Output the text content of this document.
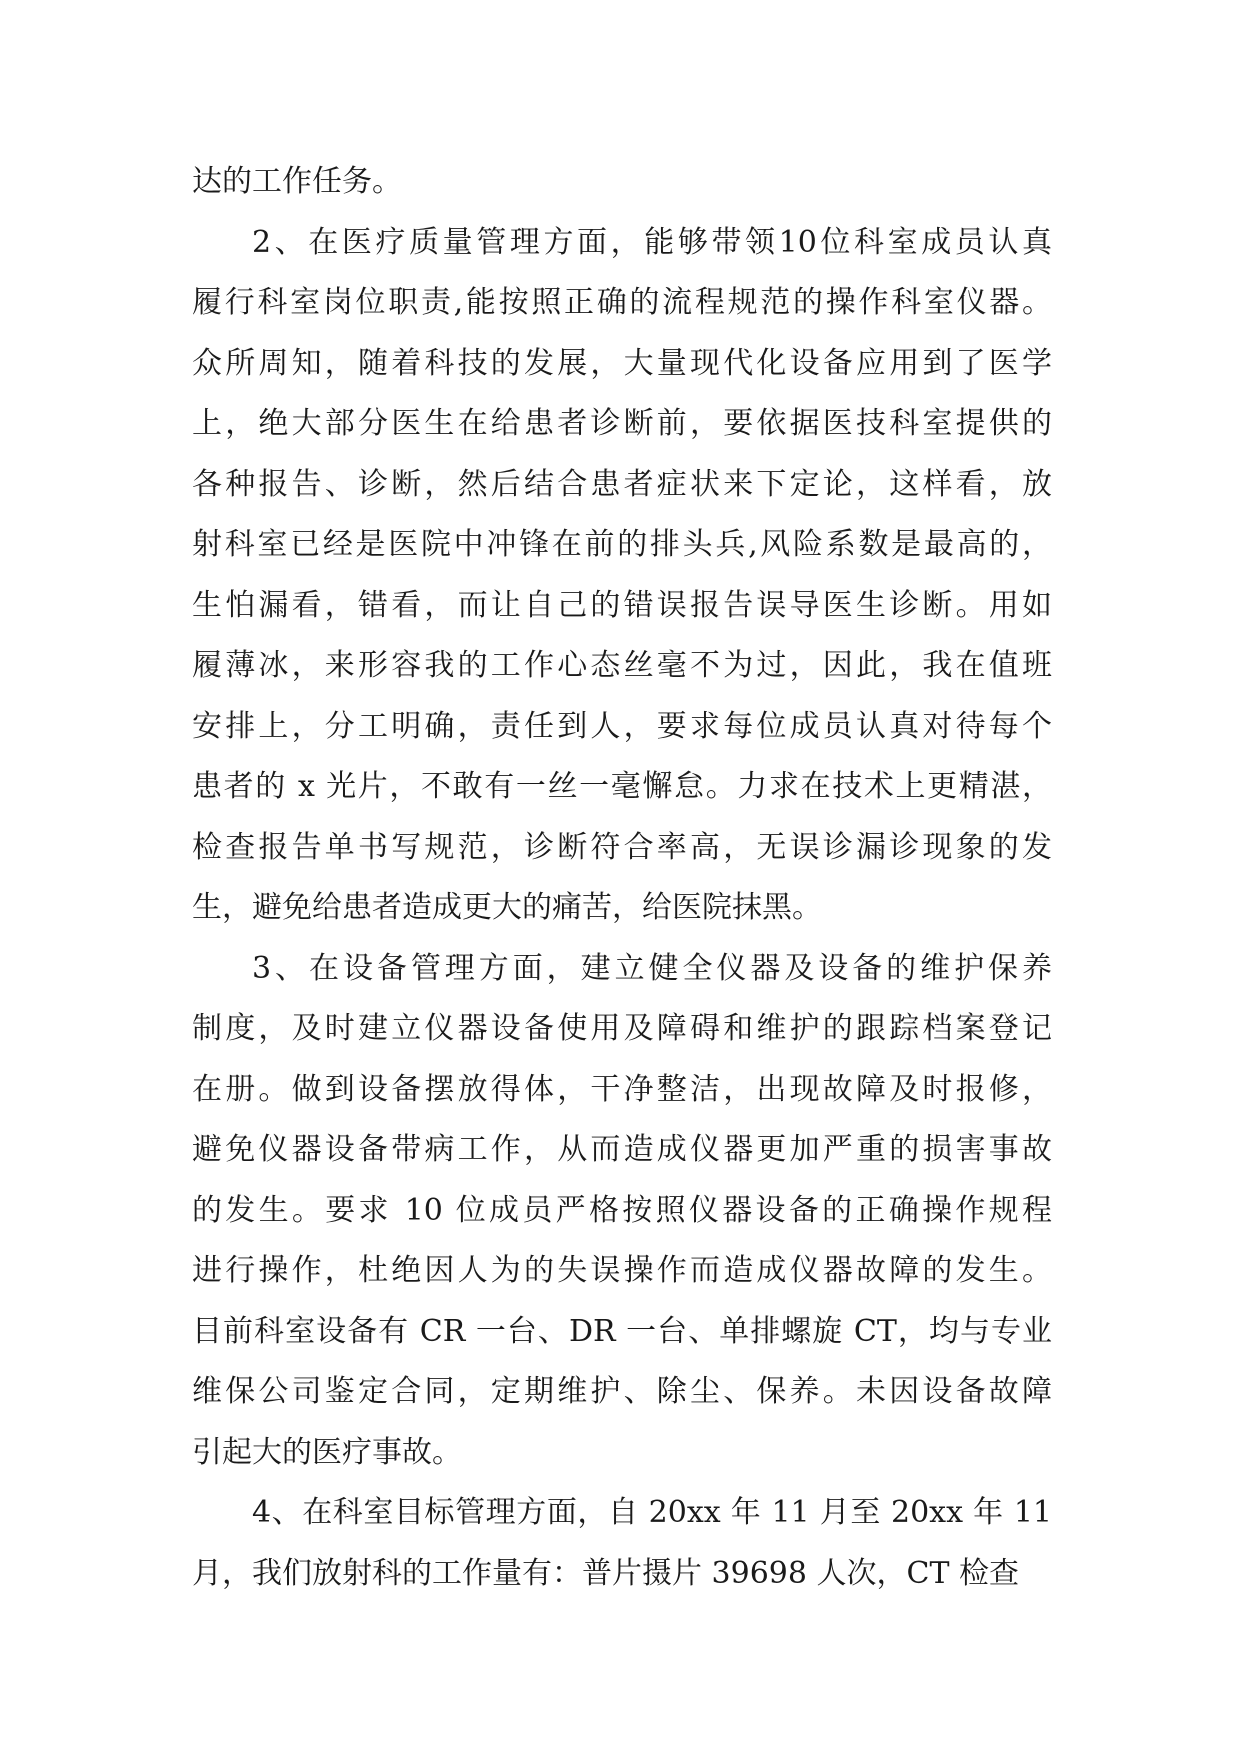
达的工作任务。
2、在医疗质量管理方面，能够带领10位科室成员认真
履行科室岗位职责,能按照正确的流程规范的操作科室仪器。
众所周知，随着科技的发展，大量现代化设备应用到了医学
上，绝大部分医生在给患者诊断前，要依据医技科室提供的
各种报告、诊断，然后结合患者症状来下定论，这样看，放
射科室已经是医院中冲锋在前的排头兵,风险系数是最高的，
生怕漏看，错看，而让自己的错误报告误导医生诊断。用如
履薄冰，来形容我的工作心态丝毫不为过，因此，我在值班
安排上，分工明确，责任到人，要求每位成员认真对待每个
患者的 x 光片，不敢有一丝一毫懈怠。力求在技术上更精湛，
检查报告单书写规范，诊断符合率高，无误诊漏诊现象的发
生，避免给患者造成更大的痛苦，给医院抹黑。
3、在设备管理方面，建立健全仪器及设备的维护保养
制度，及时建立仪器设备使用及障碍和维护的跟踪档案登记
在册。做到设备摆放得体，干净整洁，出现故障及时报修，
避免仪器设备带病工作，从而造成仪器更加严重的损害事故
的发生。要求 10 位成员严格按照仪器设备的正确操作规程
进行操作，杜绝因人为的失误操作而造成仪器故障的发生。
目前科室设备有 CR 一台、DR 一台、单排螺旋 CT，均与专业
维保公司鉴定合同，定期维护、除尘、保养。未因设备故障
引起大的医疗事故。
4、在科室目标管理方面，自 20xx 年 11 月至 20xx 年 11
月，我们放射科的工作量有：普片摄片 39698 人次，CT 检查
